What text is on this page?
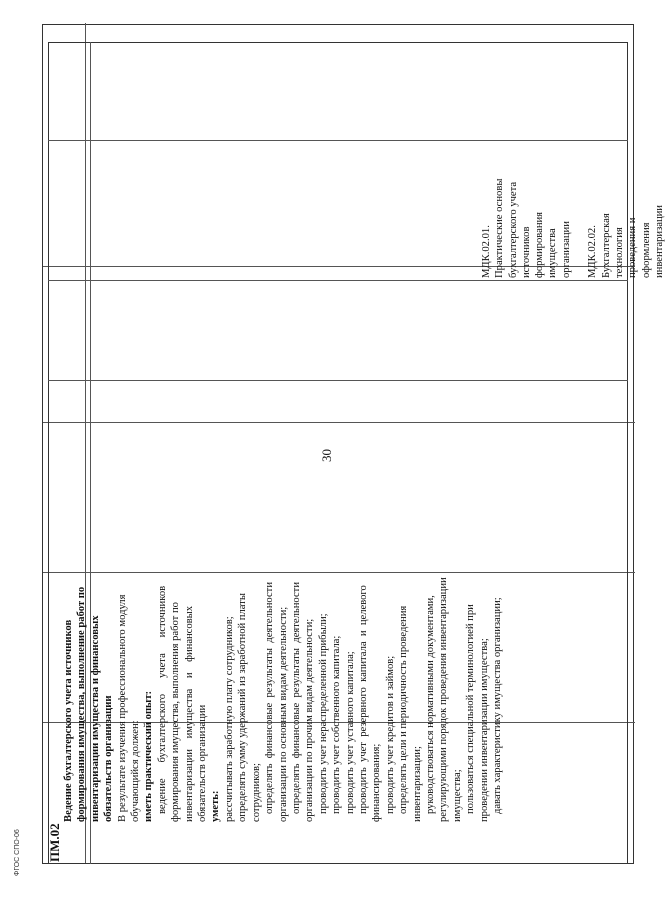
ПМ.02
Ведение бухгалтерского учета источников формирования имущества, выполнение работ по инвентаризации имущества и финансовых обязательств организации В результате изучения профессионального модуля обучающийся должен: иметь практический опыт: ведение      бухгалтерского      учета      источников формирования имущества, выполнения работ по инвентаризации    имущества    и    финансовых обязательств организации уметь: рассчитывать заработную плату сотрудников; определять сумму удержаний из заработной платы сотрудников; определять  финансовые  результаты  деятельности организации по основным видам деятельности; определять  финансовые  результаты  деятельности организации по прочим видам деятельности; проводить учет нераспределенной прибыли; проводить учет собственного капитала; проводить учет уставного капитала; проводить  учет  резервного  капитала  и  целевого финансирования; проводить учет кредитов и займов; определять цели и периодичность проведения инвентаризации; руководствоваться нормативными документами, регулирующими порядок проведения инвентаризации имущества; пользоваться специальной терминологией при проведении инвентаризации имущества; давать характеристику имущества организации;
МДК.02.01. Практические основы бухгалтерского учета источников формирования имущества организации МДК.02.02. Бухгалтерская технология проведения и оформления инвентаризации
30
ФГОС СПО-06
